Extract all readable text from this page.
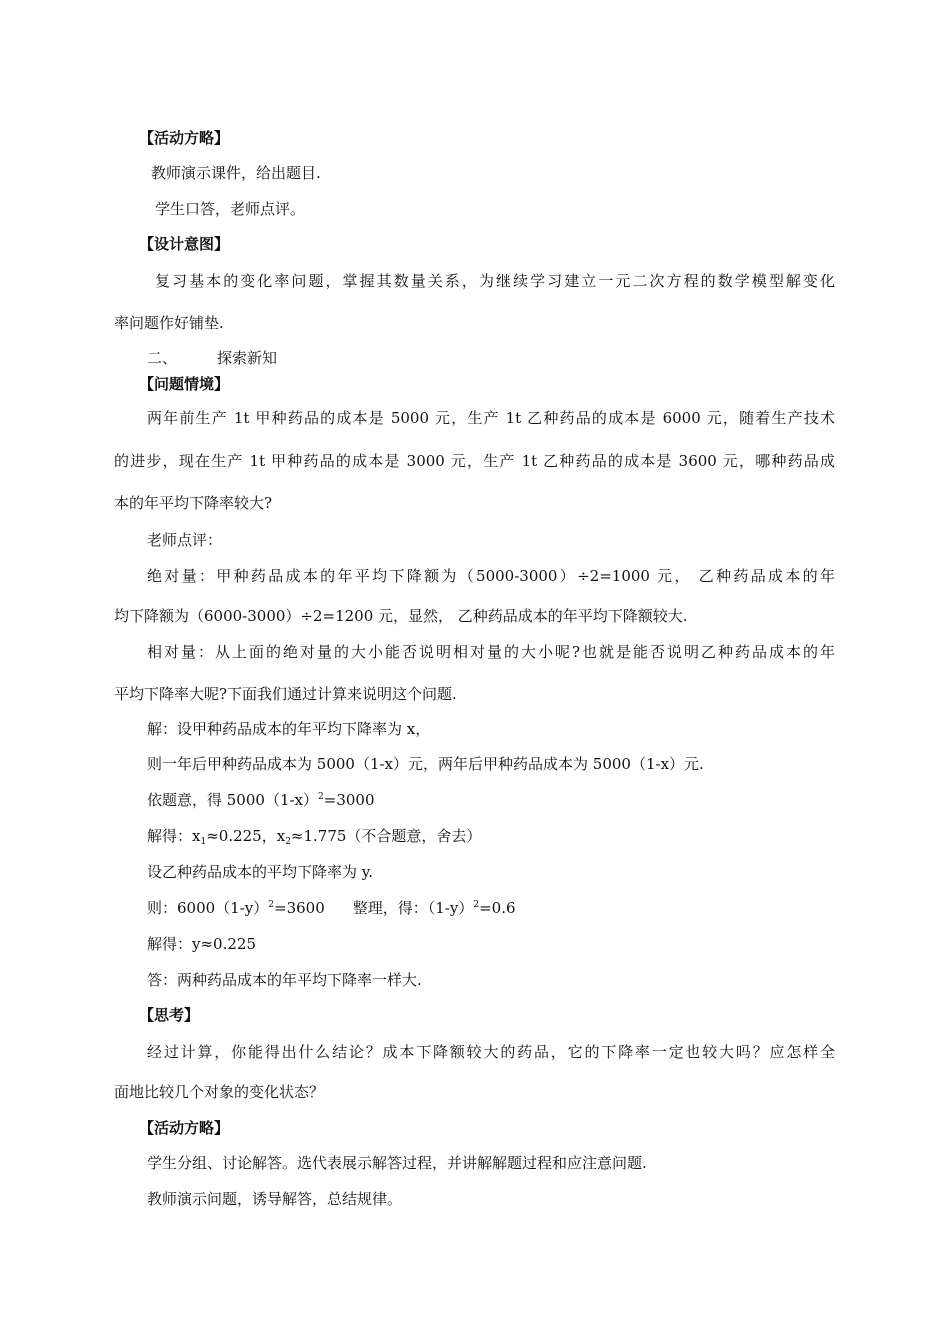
【活动方略】
教师演示课件，给出题目.
学生口答，老师点评。
【设计意图】
复习基本的变化率问题，掌握其数量关系，为继续学习建立一元二次方程的数学模型解变化
率问题作好铺垫.
二、	探索新知
【问题情境】
两年前生产 1t 甲种药品的成本是 5000 元，生产 1t 乙种药品的成本是 6000 元，随着生产技术
的进步，现在生产 1t 甲种药品的成本是 3000 元，生产 1t 乙种药品的成本是 3600 元，哪种药品成
本的年平均下降率较大?
老师点评：
绝对量：甲种药品成本的年平均下降额为（5000-3000）÷2=1000 元， 乙种药品成本的年
均下降额为（6000-3000）÷2=1200 元，显然， 乙种药品成本的年平均下降额较大.
相对量：从上面的绝对量的大小能否说明相对量的大小呢?也就是能否说明乙种药品成本的年
平均下降率大呢?下面我们通过计算来说明这个问题.
解：设甲种药品成本的年平均下降率为 x，
则一年后甲种药品成本为 5000（1-x）元，两年后甲种药品成本为 5000（1-x）元.
依题意，得 $5000(1-x)^2=3000$
解得：$x_1\approx 0.225$，$x_2\approx 1.775$（不合题意，舍去）
设乙种药品成本的平均下降率为 y.
则：$6000(1-y)^2=3600$ 整理，得：$(1-y)^2=0.6$
解得：y≈0.225
答：两种药品成本的年平均下降率一样大.
【思考】
经过计算，你能得出什么结论？成本下降额较大的药品，它的下降率一定也较大吗？应怎样全
面地比较几个对象的变化状态？
【活动方略】
学生分组、讨论解答。选代表展示解答过程，并讲解解题过程和应注意问题.
教师演示问题，诱导解答，总结规律。
